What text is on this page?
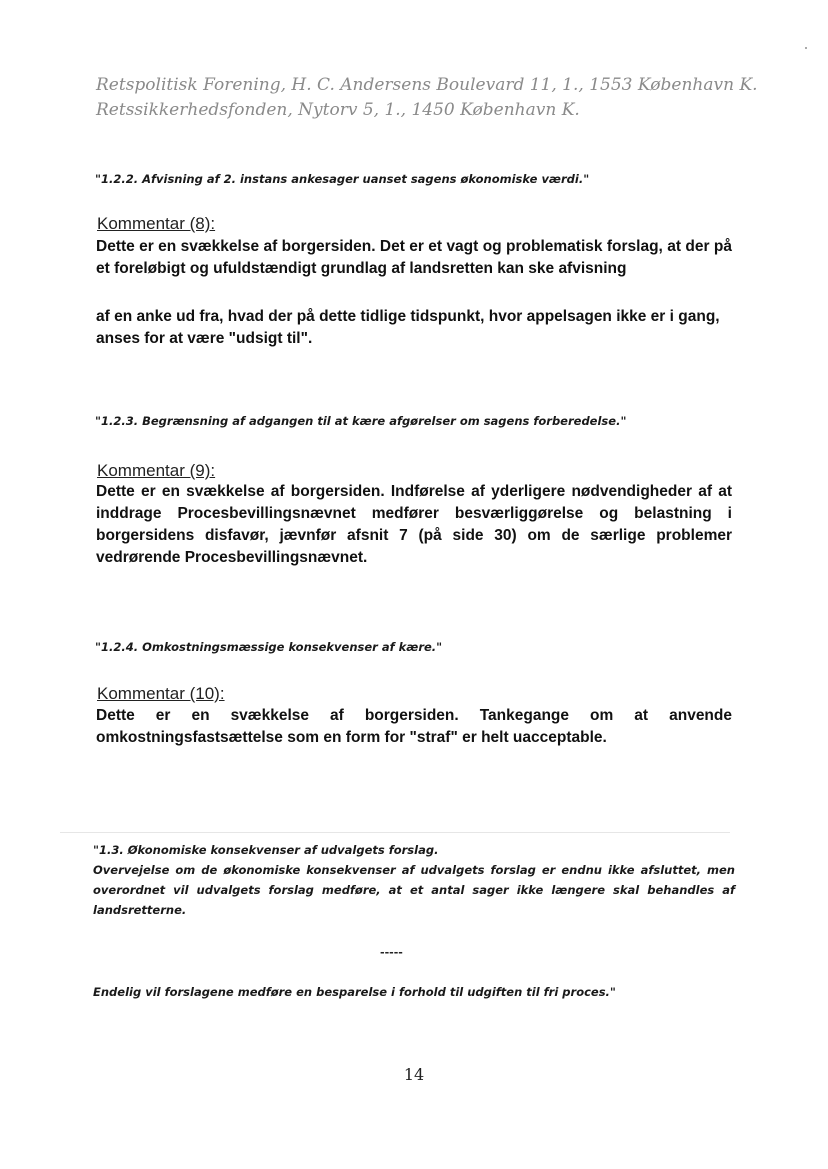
Retspolitisk Forening, H. C. Andersens Boulevard 11, 1., 1553 København K.
Retssikkerhedsfonden, Nytorv 5, 1., 1450 København K.
"1.2.2. Afvisning af 2. instans ankesager uanset sagens økonomiske værdi."
Kommentar (8):
Dette er en svækkelse af borgersiden. Det er et vagt og problematisk forslag, at der på et foreløbigt og ufuldstændigt grundlag af landsretten kan ske afvisning
af en anke ud fra, hvad der på dette tidlige tidspunkt, hvor appelsagen ikke er i gang, anses for at være "udsigt til".
"1.2.3. Begrænsning af adgangen til at kære afgørelser om sagens forberedelse."
Kommentar (9):
Dette er en svækkelse af borgersiden. Indførelse af yderligere nødvendigheder af at inddrage Procesbevillingsnævnet medfører besværliggørelse og belastning i borgersidens disfavør, jævnfør afsnit 7 (på side 30) om de særlige problemer vedrørende Procesbevillingsnævnet.
"1.2.4. Omkostningsmæssige konsekvenser af kære."
Kommentar (10):
Dette er en svækkelse af borgersiden. Tankegange om at anvende omkostningsfastsættelse som en form for "straf" er helt uacceptable.
"1.3. Økonomiske konsekvenser af udvalgets forslag.
Overvejelse om de økonomiske konsekvenser af udvalgets forslag er endnu ikke afsluttet, men overordnet vil udvalgets forslag medføre, at et antal sager ikke længere skal behandles af landsretterne.
-----
Endelig vil forslagene medføre en besparelse i forhold til udgiften til fri proces."
14
